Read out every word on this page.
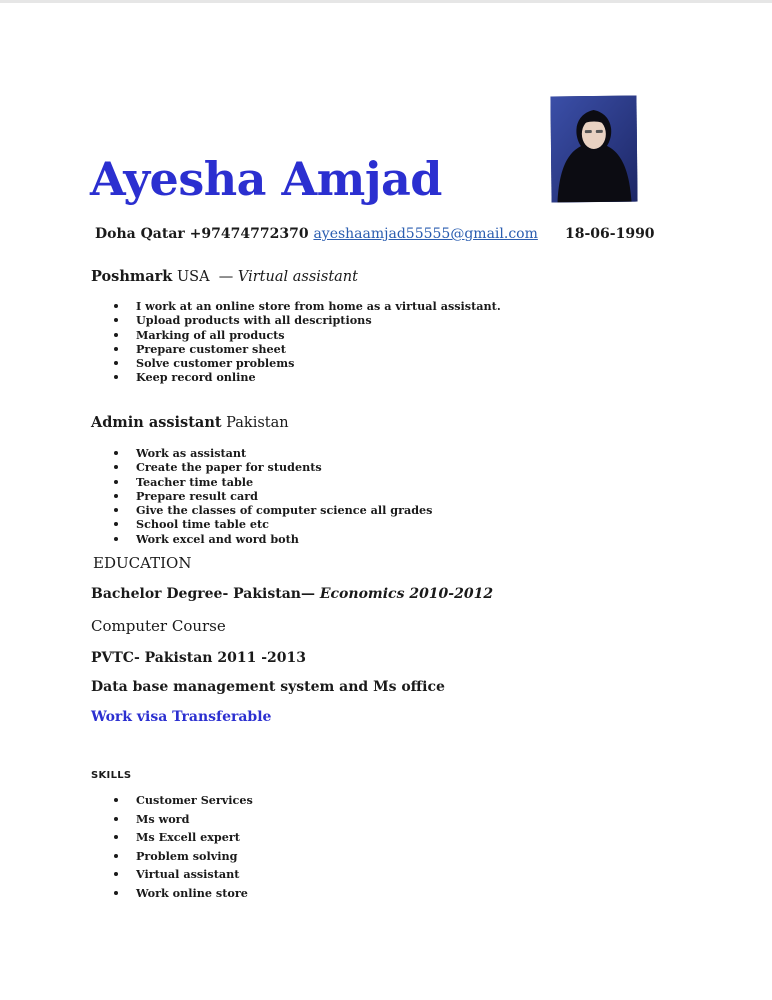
Ayesha Amjad
Doha Qatar +97474772370 ayeshaamjad55555@gmail.com 18-06-1990
Poshmark USA  — Virtual assistant
I work at an online store from home as a virtual assistant.
Upload products with all descriptions
Marking of all products
Prepare customer sheet
Solve customer problems
Keep record online
Admin assistant Pakistan
Work as assistant
Create the paper for students
Teacher time table
Prepare result card
Give the classes of computer science all grades
School time table etc
Work excel and word both
EDUCATION
Bachelor Degree- Pakistan— Economics 2010-2012
Computer Course
PVTC- Pakistan 2011 -2013
Data base management system and Ms office
Work visa Transferable
SKILLS
Customer Services
Ms word
Ms Excell expert
Problem solving
Virtual assistant
Work online store
